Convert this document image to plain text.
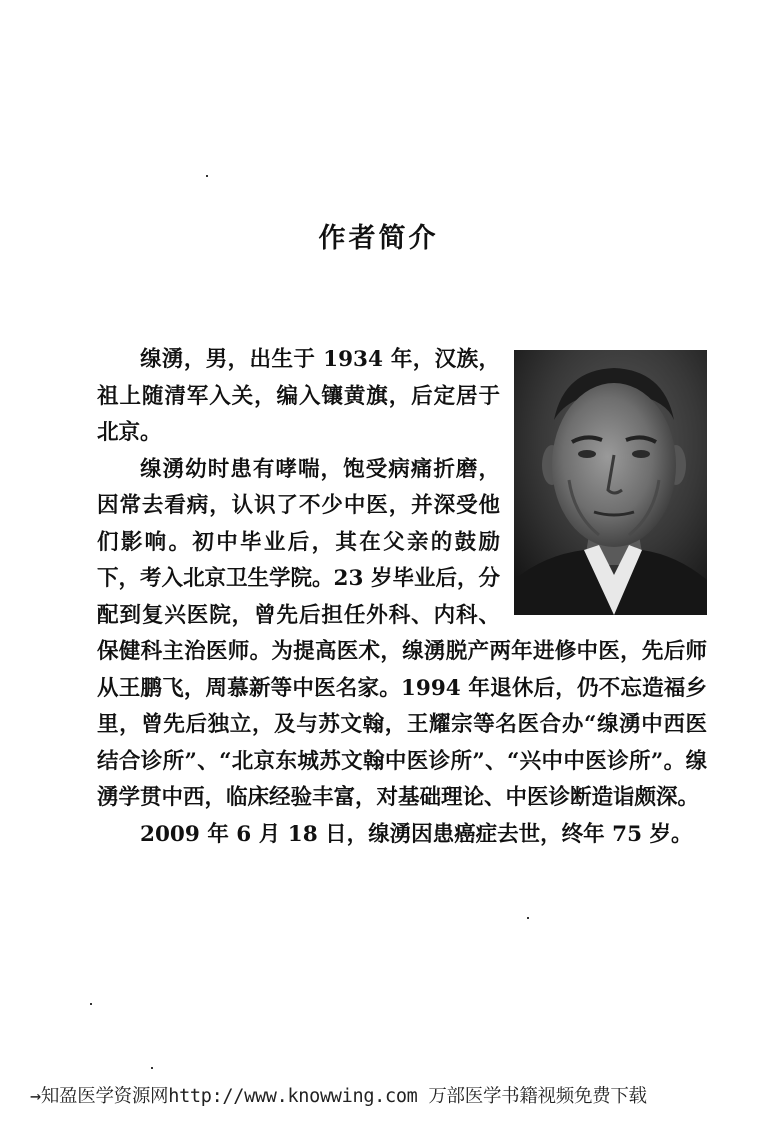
作者简介

缐湧，男，出生于 1934 年，汉族，祖上随清军入关，编入镶黄旗，后定居于北京。

缐湧幼时患有哮喘，饱受病痛折磨，因常去看病，认识了不少中医，并深受他们影响。初中毕业后，其在父亲的鼓励下，考入北京卫生学院。23 岁毕业后，分配到复兴医院，曾先后担任外科、内科、保健科主治医师。为提高医术，缐湧脱产两年进修中医，先后师从王鹏飞，周慕新等中医名家。1994 年退休后，仍不忘造福乡里，曾先后独立，及与苏文翰，王耀宗等名医合办“缐湧中西医结合诊所”、“北京东城苏文翰中医诊所”、“兴中中医诊所”。缐湧学贯中西，临床经验丰富，对基础理论、中医诊断造诣颇深。

2009 年 6 月 18 日，缐湧因患癌症去世，终年 75 岁。

→知盈医学资源网http://www.knowwing.com 万部医学书籍视频免费下载
